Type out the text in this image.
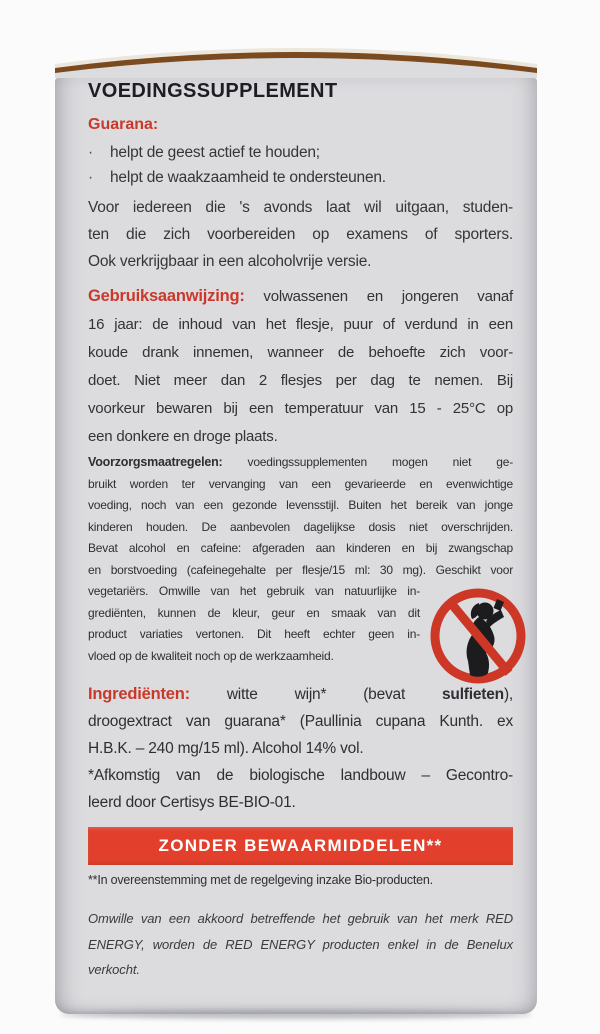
VOEDINGSSUPPLEMENT
Guarana:
·	helpt de geest actief te houden;
·	helpt de waakzaamheid te ondersteunen.
Voor iedereen die 's avonds laat wil uitgaan, studen-
ten die zich voorbereiden op examens of sporters.
Ook verkrijgbaar in een alcoholvrije versie.
Gebruiksaanwijzing: volwassenen en jongeren vanaf
16 jaar: de inhoud van het flesje, puur of verdund in een
koude drank innemen, wanneer de behoefte zich voor-
doet. Niet meer dan 2 flesjes per dag te nemen. Bij
voorkeur bewaren bij een temperatuur van 15 - 25°C op
een donkere en droge plaats.
Voorzorgsmaatregelen: voedingssupplementen mogen niet ge-
bruikt worden ter vervanging van een gevarieerde en evenwichtige
voeding, noch van een gezonde levensstijl. Buiten het bereik van jonge
kinderen houden. De aanbevolen dagelijkse dosis niet overschrijden.
Bevat alcohol en cafeine: afgeraden aan kinderen en bij zwangschap
en borstvoeding (cafeinegehalte per flesje/15 ml: 30 mg). Geschikt voor
vegetariërs. Omwille van het gebruik van natuurlijke in-
grediënten, kunnen de kleur, geur en smaak van dit
product variaties vertonen. Dit heeft echter geen in-
vloed op de kwaliteit noch op de werkzaamheid.
Ingrediënten: witte wijn* (bevat sulfieten),
droogextract van guarana* (Paullinia cupana Kunth. ex
H.B.K. – 240 mg/15 ml). Alcohol 14% vol.
*Afkomstig van de biologische landbouw – Gecontro-
leerd door Certisys BE-BIO-01.
ZONDER BEWAARMIDDELEN**
**In overeenstemming met de regelgeving inzake Bio-producten.
Omwille van een akkoord betreffende het gebruik van het merk RED
ENERGY, worden de RED ENERGY producten enkel in de Benelux
verkocht.
